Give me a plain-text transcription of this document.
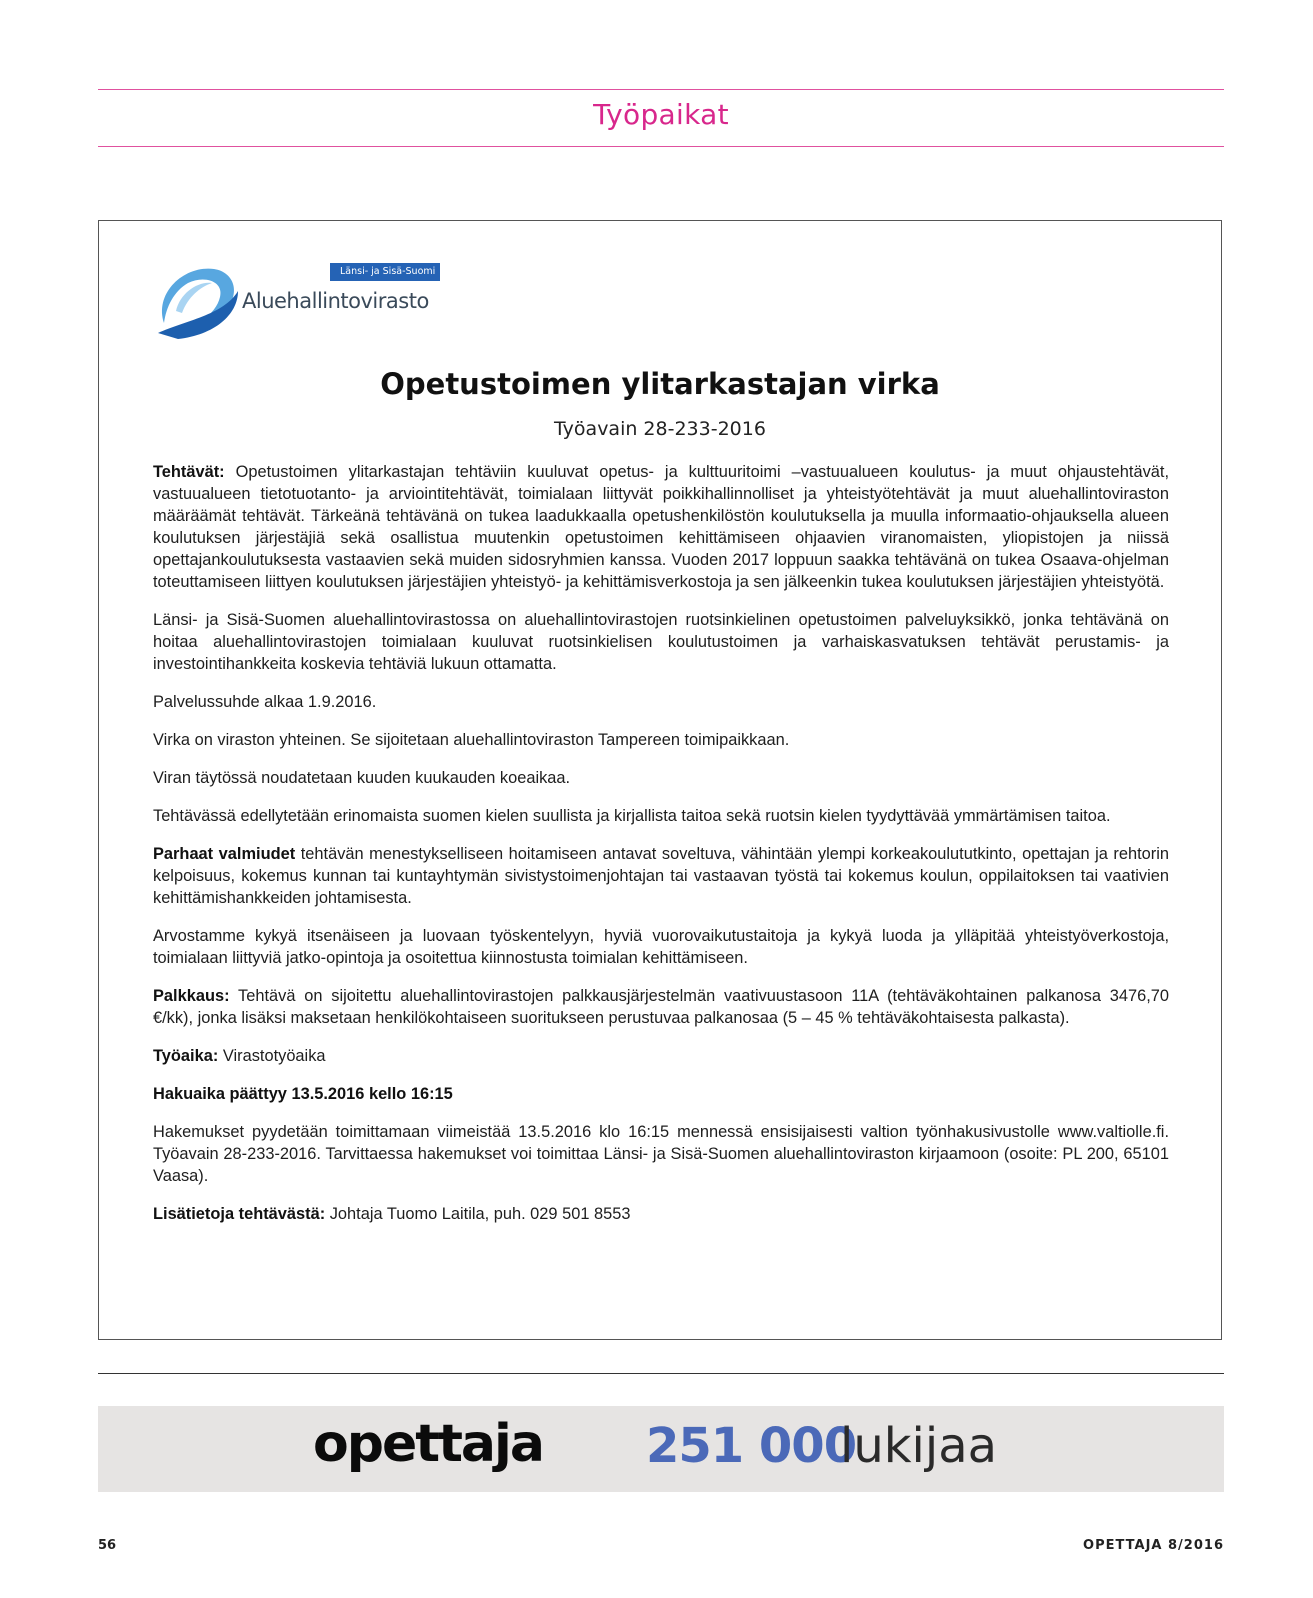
Työpaikat
Länsi- ja Sisä-Suomi
Aluehallintovirasto
Opetustoimen ylitarkastajan virka
Työavain 28-233-2016

Tehtävät: Opetustoimen ylitarkastajan tehtäviin kuuluvat opetus- ja kulttuuritoimi –vastuualueen koulutus- ja muut ohjaustehtävät, vastuualueen tietotuotanto- ja arviointitehtävät, toimialaan liittyvät poikkihallinnolliset ja yhteistyötehtävät ja muut aluehallintoviraston määräämät tehtävät. Tärkeänä tehtävänä on tukea laadukkaalla opetushenkilöstön koulutuksella ja muulla informaatio-ohjauksella alueen koulutuksen järjestäjiä sekä osallistua muutenkin opetustoimen kehittämiseen ohjaavien viranomaisten, yliopistojen ja niissä opettajankoulutuksesta vastaavien sekä muiden sidosryhmien kanssa. Vuoden 2017 loppuun saakka tehtävänä on tukea Osaava-ohjelman toteuttamiseen liittyen koulutuksen järjestäjien yhteistyö- ja kehittämisverkostoja ja sen jälkeenkin tukea koulutuksen järjestäjien yhteistyötä.

Länsi- ja Sisä-Suomen aluehallintovirastossa on aluehallintovirastojen ruotsinkielinen opetustoimen palveluyksikkö, jonka tehtävänä on hoitaa aluehallintovirastojen toimialaan kuuluvat ruotsinkielisen koulutustoimen ja varhaiskasvatuksen tehtävät perustamis- ja investointihankkeita koskevia tehtäviä lukuun ottamatta.

Palvelussuhde alkaa 1.9.2016.

Virka on viraston yhteinen. Se sijoitetaan aluehallintoviraston Tampereen toimipaikkaan.

Viran täytössä noudatetaan kuuden kuukauden koeaikaa.

Tehtävässä edellytetään erinomaista suomen kielen suullista ja kirjallista taitoa sekä ruotsin kielen tyydyttävää ymmärtämisen taitoa.

Parhaat valmiudet tehtävän menestykselliseen hoitamiseen antavat soveltuva, vähintään ylempi korkeakoulututkinto, opettajan ja rehtorin kelpoisuus, kokemus kunnan tai kuntayhtymän sivistystoimenjohtajan tai vastaavan työstä tai kokemus koulun, oppilaitoksen tai vaativien kehittämishankkeiden johtamisesta.

Arvostamme kykyä itsenäiseen ja luovaan työskentelyyn, hyviä vuorovaikutustaitoja ja kykyä luoda ja ylläpitää yhteistyöverkostoja, toimialaan liittyviä jatko-opintoja ja osoitettua kiinnostusta toimialan kehittämiseen.

Palkkaus: Tehtävä on sijoitettu aluehallintovirastojen palkkausjärjestelmän vaativuustasoon 11A (tehtäväkohtainen palkanosa 3476,70 €/kk), jonka lisäksi maksetaan henkilökohtaiseen suoritukseen perustuvaa palkanosaa (5 – 45 % tehtäväkohtaisesta palkasta).

Työaika: Virastotyöaika

Hakuaika päättyy 13.5.2016 kello 16:15

Hakemukset pyydetään toimittamaan viimeistää 13.5.2016 klo 16:15 mennessä ensisijaisesti valtion työnhakusivustolle www.valtiolle.fi. Työavain 28-233-2016. Tarvittaessa hakemukset voi toimittaa Länsi- ja Sisä-Suomen aluehallintoviraston kirjaamoon (osoite: PL 200, 65101 Vaasa).

Lisätietoja tehtävästä: Johtaja Tuomo Laitila, puh. 029 501 8553

opettaja 251 000
lukijaa
56	OPETTAJA 8/2016
